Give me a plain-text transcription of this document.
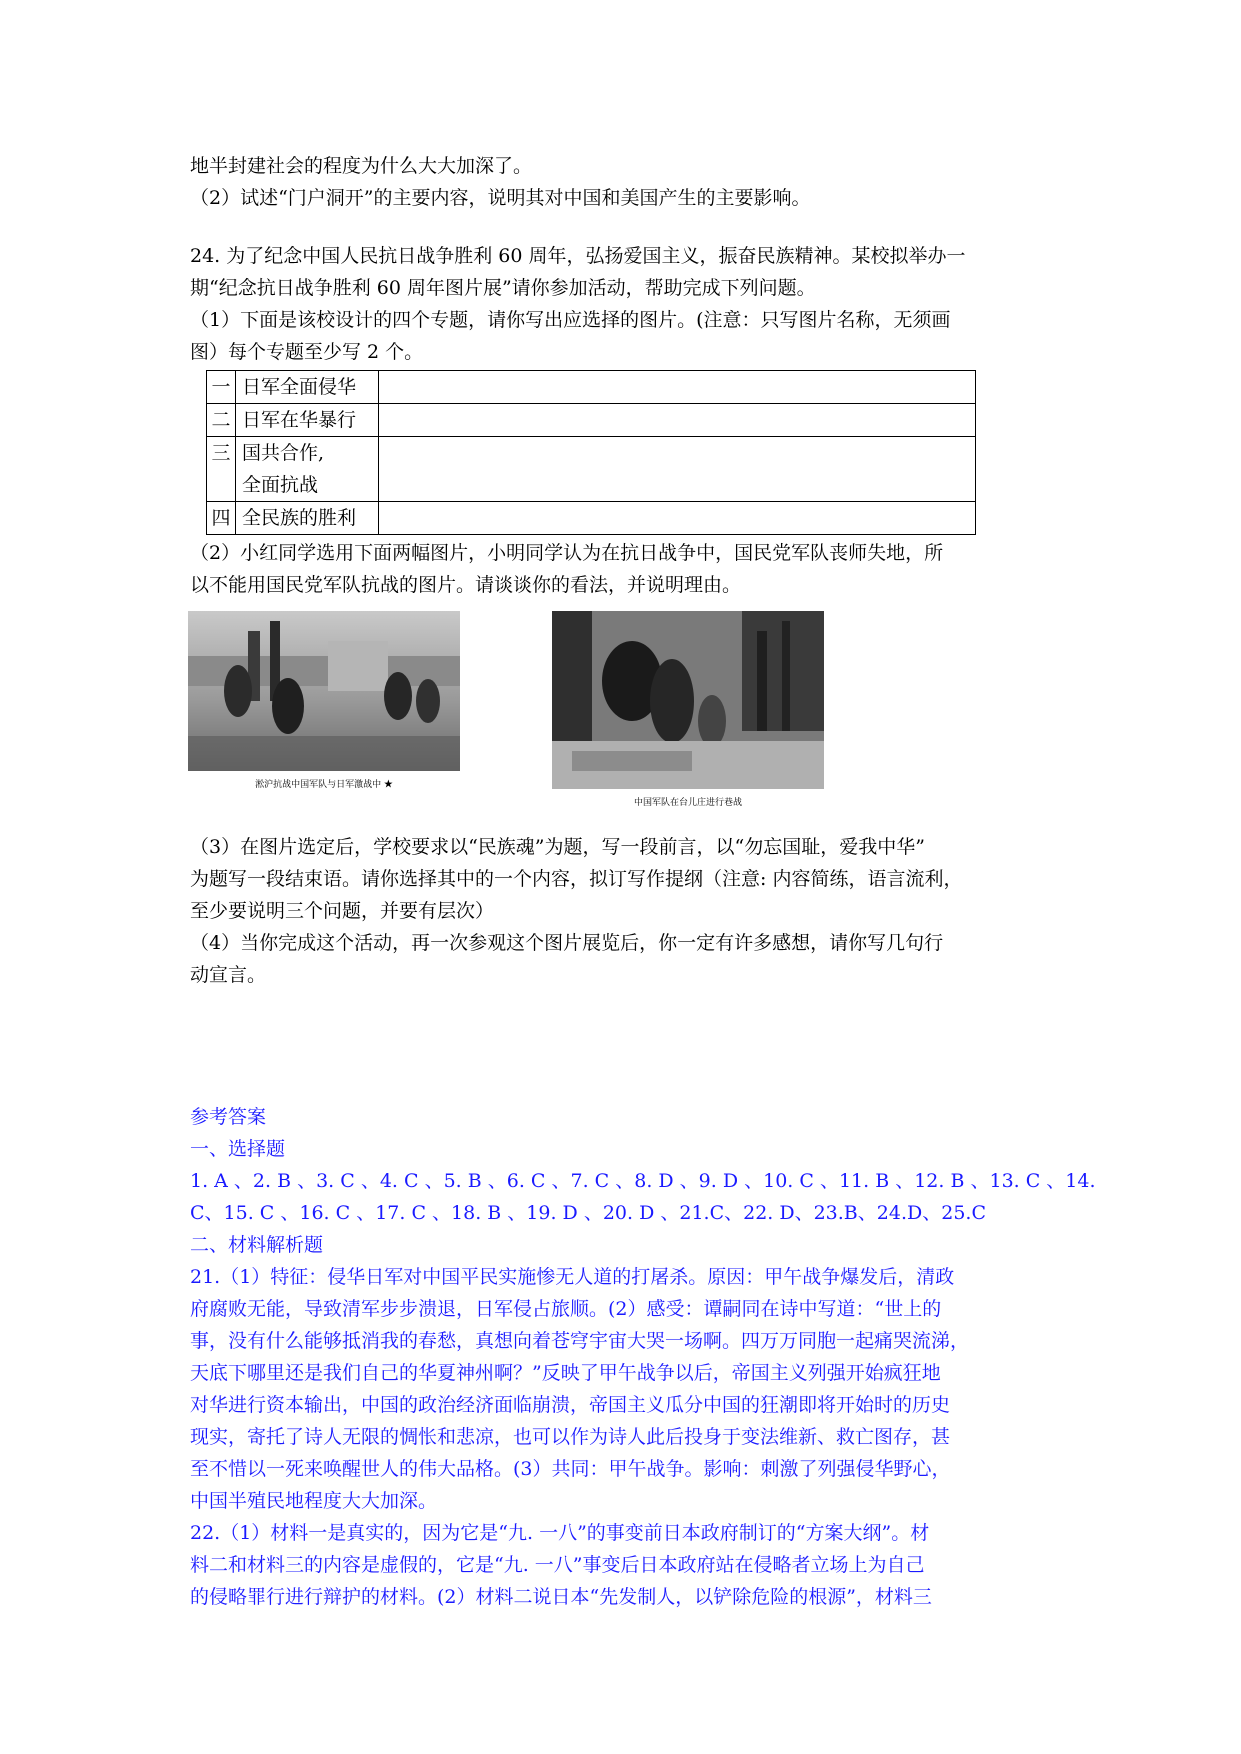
地半封建社会的程度为什么大大加深了。
（2）试述“门户洞开”的主要内容，说明其对中国和美国产生的主要影响。
24. 为了纪念中国人民抗日战争胜利 60 周年，弘扬爱国主义，振奋民族精神。某校拟举办一
期“纪念抗日战争胜利 60 周年图片展”请你参加活动，帮助完成下列问题。
（1）下面是该校设计的四个专题，请你写出应选择的图片。(注意：只写图片名称，无须画
图）每个专题至少写 2 个。
一	日军全面侵华	
二	日军在华暴行	
三	国共合作,
全面抗战	

四	全民族的胜利	
（2）小红同学选用下面两幅图片，小明同学认为在抗日战争中，国民党军队丧师失地，所
以不能用国民党军队抗战的图片。请谈谈你的看法，并说明理由。
淞沪抗战中国军队与日军激战中 ★
中国军队在台儿庄进行巷战
（3）在图片选定后，学校要求以“民族魂”为题，写一段前言，以“勿忘国耻，爱我中华”
为题写一段结束语。请你选择其中的一个内容，拟订写作提纲（注意: 内容简练，语言流利，
至少要说明三个问题，并要有层次）
（4）当你完成这个活动，再一次参观这个图片展览后，你一定有许多感想，请你写几句行
动宣言。
参考答案
一、选择题
1. A 、2. B 、3. C 、4. C 、5. B 、6. C 、7. C 、8. D 、9. D 、10. C 、11. B 、12. B 、13. C 、14.
C、15. C 、16. C 、17. C 、18. B 、19. D 、20. D 、21.C、22. D、23.B、24.D、25.C
二、材料解析题
21.（1）特征：侵华日军对中国平民实施惨无人道的打屠杀。原因：甲午战争爆发后，清政
府腐败无能，导致清军步步溃退，日军侵占旅顺。(2）感受：谭嗣同在诗中写道：“世上的
事，没有什么能够抵消我的春愁，真想向着苍穹宇宙大哭一场啊。四万万同胞一起痛哭流涕，
天底下哪里还是我们自己的华夏神州啊？”反映了甲午战争以后，帝国主义列强开始疯狂地
对华进行资本输出，中国的政治经济面临崩溃，帝国主义瓜分中国的狂潮即将开始时的历史
现实，寄托了诗人无限的惆怅和悲凉，也可以作为诗人此后投身于变法维新、救亡图存，甚
至不惜以一死来唤醒世人的伟大品格。(3）共同：甲午战争。影响：刺激了列强侵华野心，
中国半殖民地程度大大加深。
22.（1）材料一是真实的，因为它是“九. 一八”的事变前日本政府制订的“方案大纲”。材
料二和材料三的内容是虚假的，它是“九. 一八”事变后日本政府站在侵略者立场上为自己
的侵略罪行进行辩护的材料。(2）材料二说日本“先发制人，以铲除危险的根源”，材料三
